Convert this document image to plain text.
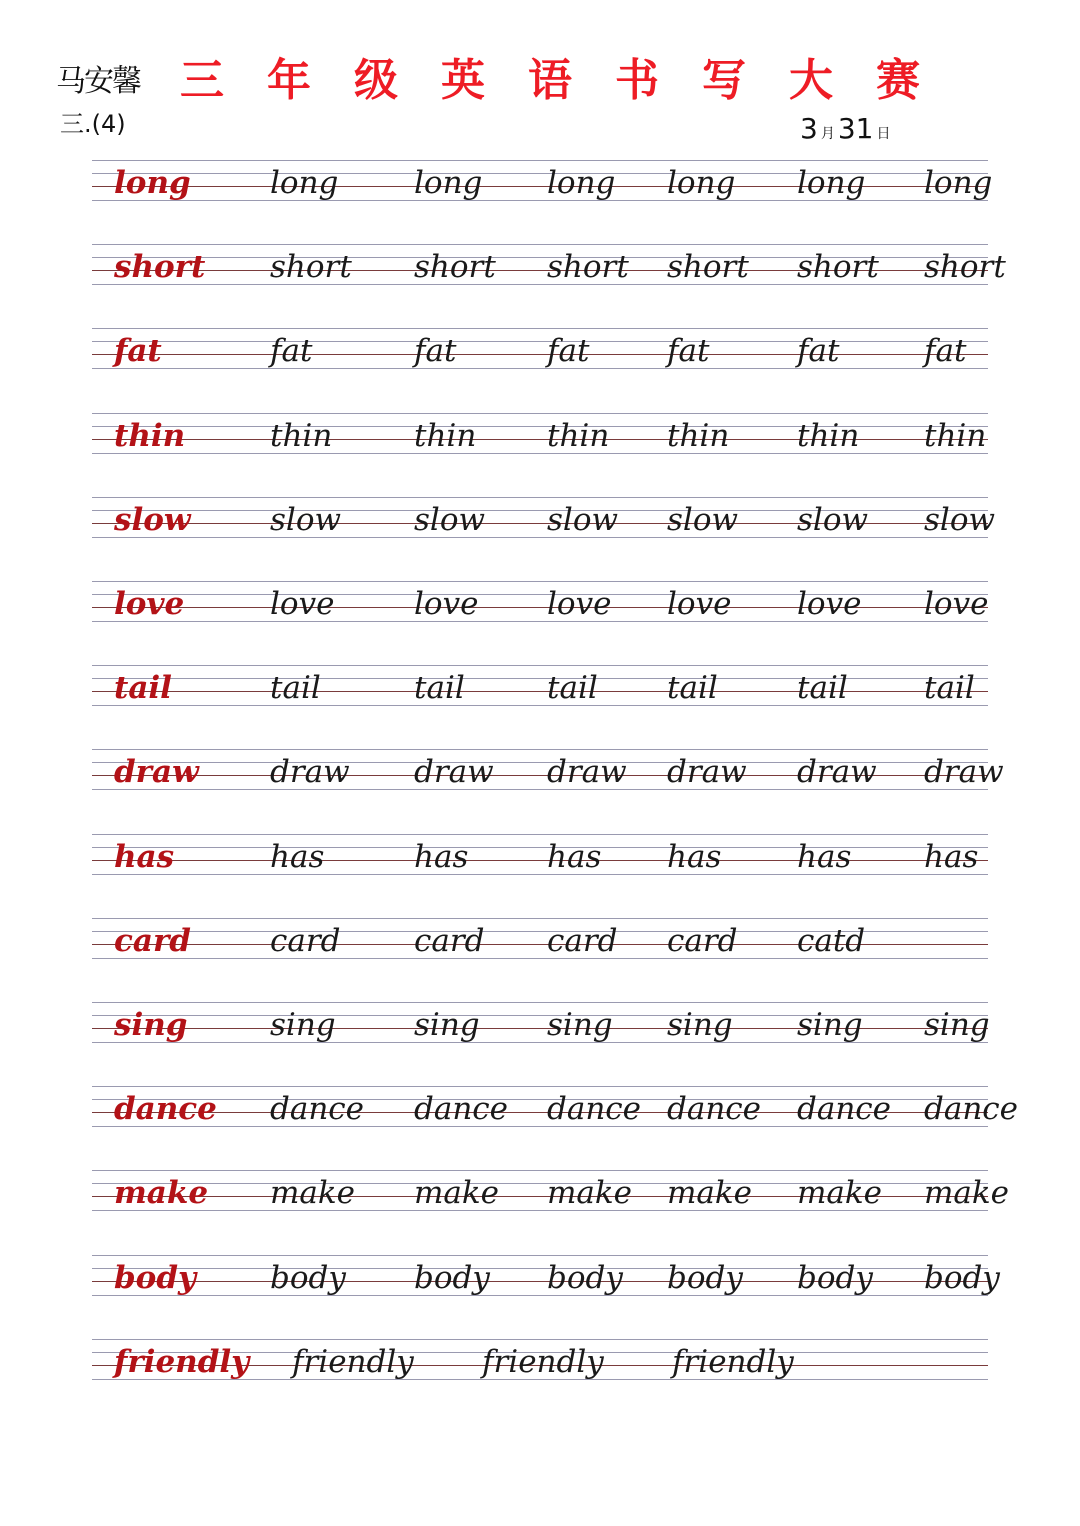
马安馨
三.(4)
三 年 级 英 语 书 写 大 赛
3 月 31 日
long	long long long long long long
short short short short short short short
fat	fat	fat	fat	fat	fat	fat
thin	thin	thin thin thin thin thin
slow	slow slow slow slow slow slow
love	love	love love love love love
tail	tail	tail	tail tail	tail tail
draw draw draw draw draw draw draw
has	has	has	has has has has
card	card card card card catd
sing	sing	sing sing sing sing sing
dance dance dance dance dance dance dance
make make make make make make make
body body body body body body body
friendly friendly friendly friendly
